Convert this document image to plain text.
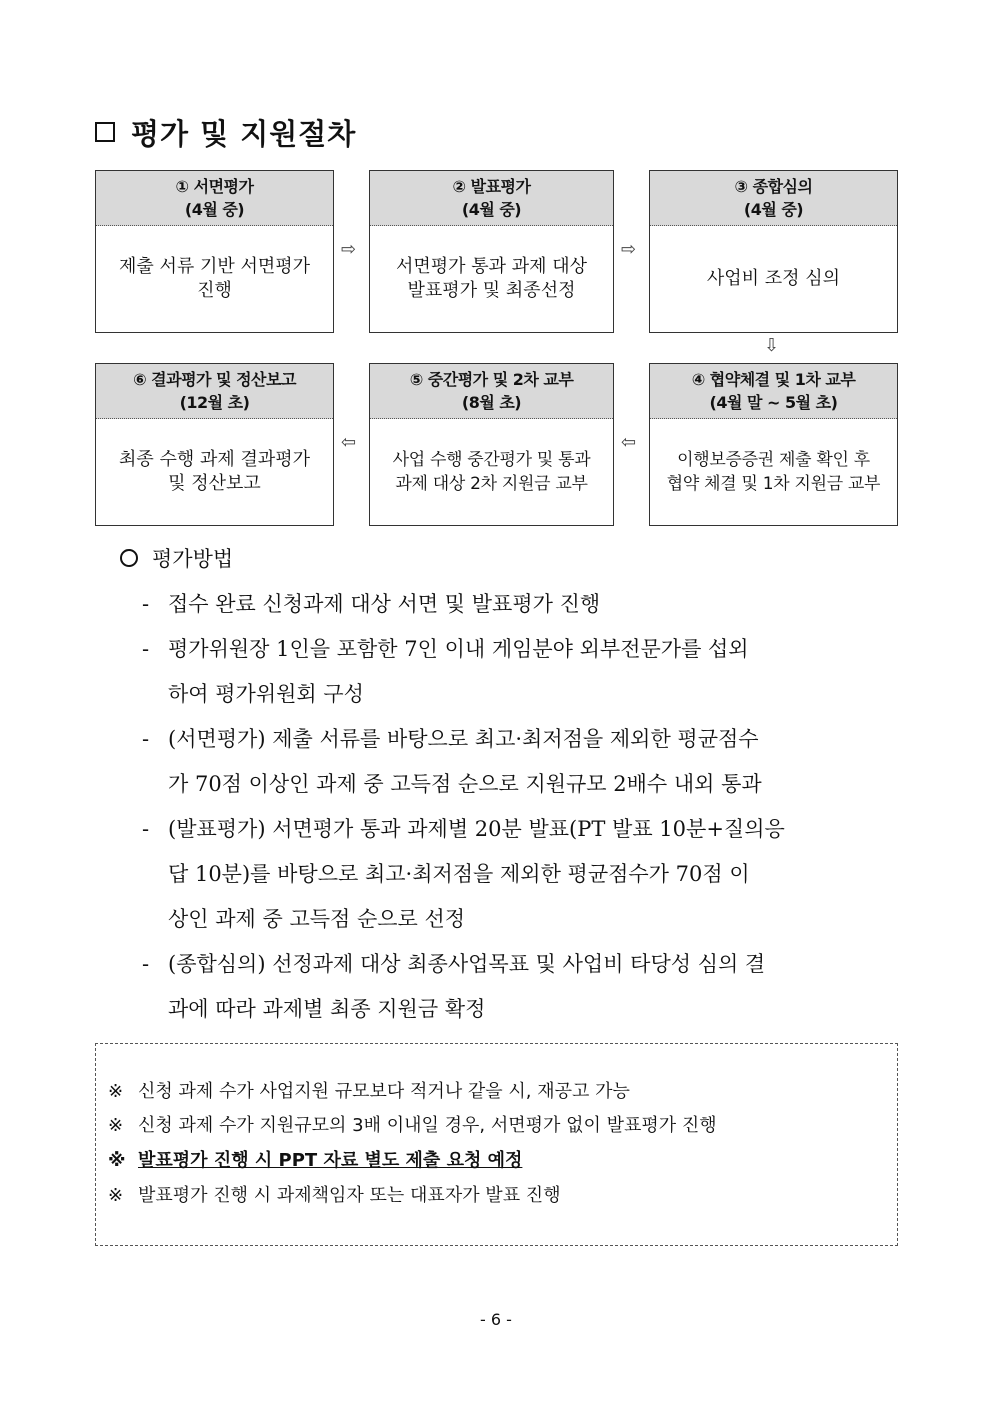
평가 및 지원절차
① 서면평가
(4월 중)
제출 서류 기반 서면평가
진행
⇨
② 발표평가
(4월 중)
서면평가 통과 과제 대상
발표평가 및 최종선정
⇨
③ 종합심의
(4월 중)
사업비 조정 심의
⇩
⑥ 결과평가 및 정산보고
(12월 초)
최종 수행 과제 결과평가
및 정산보고
⇦
⑤ 중간평가 및 2차 교부
(8월 초)
사업 수행 중간평가 및 통과
과제 대상 2차 지원금 교부
⇦
④ 협약체결 및 1차 교부
(4월 말 ~ 5월 초)
이행보증증권 제출 확인 후
협약 체결 및 1차 지원금 교부
평가방법
- 접수 완료 신청과제 대상 서면 및 발표평가 진행
- 평가위원장 1인을 포함한 7인 이내 게임분야 외부전문가를 섭외
하여 평가위원회 구성
- (서면평가) 제출 서류를 바탕으로 최고·최저점을 제외한 평균점수
가 70점 이상인 과제 중 고득점 순으로 지원규모 2배수 내외 통과
- (발표평가) 서면평가 통과 과제별 20분 발표(PT 발표 10분+질의응
답 10분)를 바탕으로 최고·최저점을 제외한 평균점수가 70점 이
상인 과제 중 고득점 순으로 선정
- (종합심의) 선정과제 대상 최종사업목표 및 사업비 타당성 심의 결
과에 따라 과제별 최종 지원금 확정
※ 신청 과제 수가 사업지원 규모보다 적거나 같을 시, 재공고 가능
※ 신청 과제 수가 지원규모의 3배 이내일 경우, 서면평가 없이 발표평가 진행
※ 발표평가 진행 시 PPT 자료 별도 제출 요청 예정
※ 발표평가 진행 시 과제책임자 또는 대표자가 발표 진행
- 6 -
